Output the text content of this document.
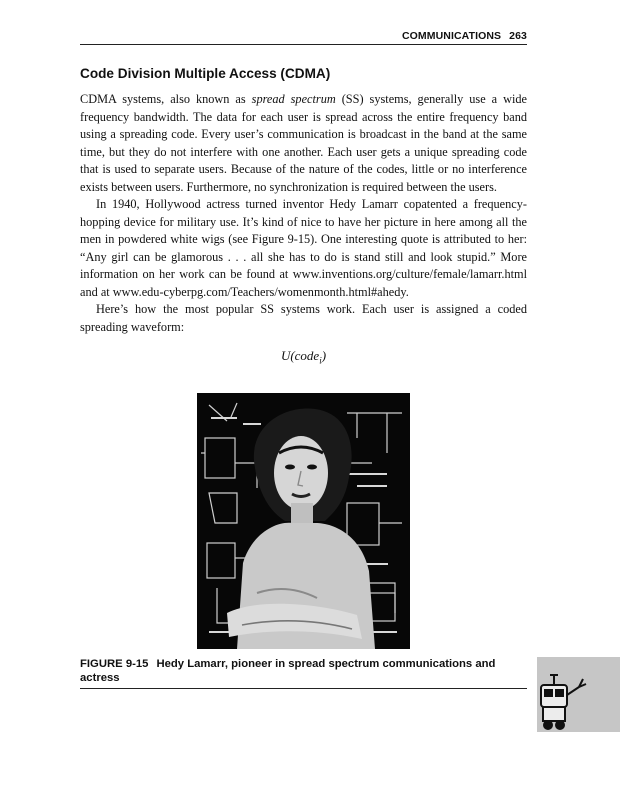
COMMUNICATIONS 263
Code Division Multiple Access (CDMA)

CDMA systems, also known as spread spectrum (SS) systems, generally use a wide frequency bandwidth. The data for each user is spread across the entire frequency band using a spreading code. Every user’s communication is broadcast in the band at the same time, but they do not interfere with one another. Each user gets a unique spreading code that is used to separate users. Because of the nature of the codes, little or no interference exists between users. Furthermore, no synchronization is required between the users.

In 1940, Hollywood actress turned inventor Hedy Lamarr copatented a frequency-hopping device for military use. It’s kind of nice to have her picture in here among all the men in powdered white wigs (see Figure 9-15). One interesting quote is attributed to her: “Any girl can be glamorous . . . all she has to do is stand still and look stupid.” More information on her work can be found at www.inventions.org/culture/female/lamarr.html and at www.edu-cyberpg.com/Teachers/womenmonth.html#ahedy.

Here’s how the most popular SS systems work. Each user is assigned a coded spreading waveform:

U(code$_i$)
FIGURE 9-15 Hedy Lamarr, pioneer in spread spectrum communications and actress
